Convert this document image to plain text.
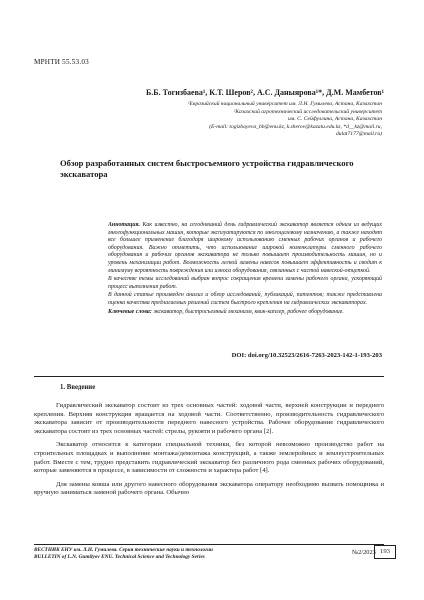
МРНТИ 55.53.03
Б.Б. Тогизбаева¹, К.Т. Шеров², А.С. Даныярова¹*, Д.М. Мамбетов¹
¹Евразийский национальный университет им. Л.Н. Гумилева, Астана, Казахстан
²Казахский агротехнический исследовательский университет
им. С. Сейфуллина, Астана, Казахстан
(E-mail: togizbayeva_bb@enu.kz, k.sherov@kazatu.edu.kz, *d__kz@mail.ru,
dulat7177@mail.ru)
Обзор разработанных систем быстросъемного устройства гидравлического экскаватора

Аннотация. Как известно, на сегодняшний день гидравлический экскаватор является одним из ведущих многофункциональных машин, которые эксплуатируются по многоцелевому назначению, а также находят все большее применение благодаря широкому использованию сменных рабочих органов и рабочего оборудования. Важно отметить, что использование широкой номенклатуры сменного рабочего оборудования и рабочих органов экскаватора не только повышает производительность машин, но и уровень механизации работ. Возможность легкой замены навесок повышает эффективность и сводит к минимуму вероятность повреждения или износа оборудования, связанных с частой навеской-отцепкой.

В качестве темы исследований выбран вопрос сокращения времени замены рабочего органа, ускоряющий процесс выполнения работ.

В данной статье произведен анализ и обзор исследований, публикаций, патентов; также представлена оценка качества предлагаемых решений систем быстрого крепления на гидравлических экскаваторах.

Ключевые слова: экскаватор, быстросъемный механизм, квик-каплер, рабочее оборудование.

DOI: doi.org/10.32523/2616-7263-2023-142-1-193-203
1. Введение

Гидравлический экскаватор состоит из трех основных частей: ходовой части, верхней конструкции и переднего крепления. Верхняя конструкция вращается на ходовой части. Соответственно, производительность гидравлического экскаватора зависит от производительности переднего навесного устройства. Рабочее оборудование гидравлического экскаватора состоит из трех основных частей: стрелы, рукояти и рабочего органа [2].

Экскаватор относится к категории специальной техники, без которой невозможно производство работ на строительных площадках и выполнение монтажа/демонтажа конструкций, а также землеройных и землеустроительных работ. Вместе с тем, трудно представить гидравлический экскаватор без различного рода сменных рабочих оборудований, которые заменяются в процессе, в зависимости от сложности и характера работ [4].

Для замены ковша или другого навесного оборудования экскаватора оператору необходимо вызвать помощника и вручную заниматься заменой рабочего органа. Обычно

ВЕСТНИК ЕНУ им. Л.Н. Гумилева. Серия технические науки и технологии
BULLETIN of L.N. Gumilyov ENU. Technical Science and Technology Series
№2/2023 193
